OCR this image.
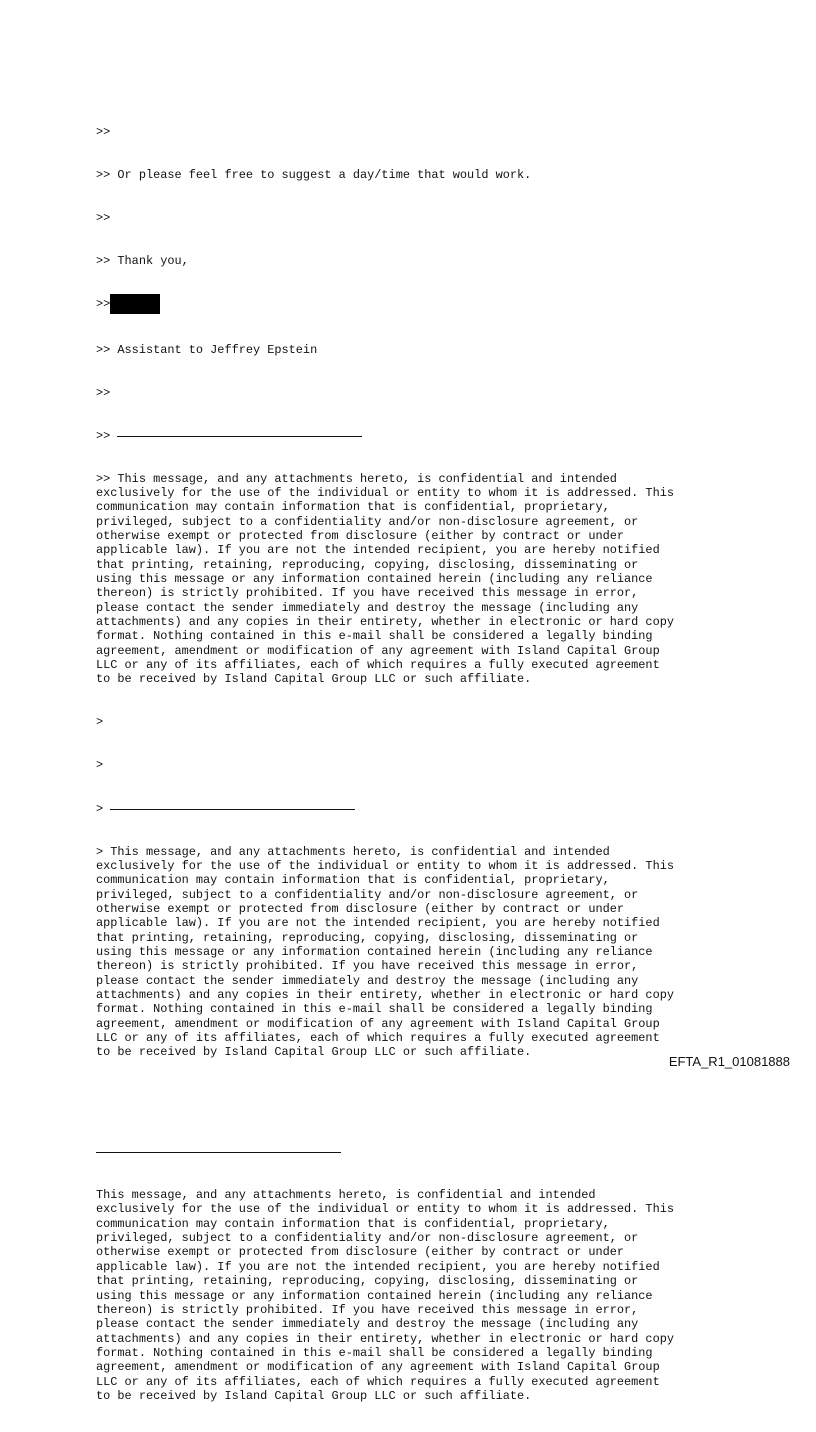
>>

>> Or please feel free to suggest a day/time that would work.

>>

>> Thank you,

>>

>> Assistant to Jeffrey Epstein

>>

>>

>> This message, and any attachments hereto, is confidential and intended
exclusively for the use of the individual or entity to whom it is addressed. This
communication may contain information that is confidential, proprietary,
privileged, subject to a confidentiality and/or non-disclosure agreement, or
otherwise exempt or protected from disclosure (either by contract or under
applicable law). If you are not the intended recipient, you are hereby notified
that printing, retaining, reproducing, copying, disclosing, disseminating or
using this message or any information contained herein (including any reliance
thereon) is strictly prohibited. If you have received this message in error,
please contact the sender immediately and destroy the message (including any
attachments) and any copies in their entirety, whether in electronic or hard copy
format. Nothing contained in this e-mail shall be considered a legally binding
agreement, amendment or modification of any agreement with Island Capital Group
LLC or any of its affiliates, each of which requires a fully executed agreement
to be received by Island Capital Group LLC or such affiliate.

>

>

>

> This message, and any attachments hereto, is confidential and intended
exclusively for the use of the individual or entity to whom it is addressed. This
communication may contain information that is confidential, proprietary,
privileged, subject to a confidentiality and/or non-disclosure agreement, or
otherwise exempt or protected from disclosure (either by contract or under
applicable law). If you are not the intended recipient, you are hereby notified
that printing, retaining, reproducing, copying, disclosing, disseminating or
using this message or any information contained herein (including any reliance
thereon) is strictly prohibited. If you have received this message in error,
please contact the sender immediately and destroy the message (including any
attachments) and any copies in their entirety, whether in electronic or hard copy
format. Nothing contained in this e-mail shall be considered a legally binding
agreement, amendment or modification of any agreement with Island Capital Group
LLC or any of its affiliates, each of which requires a fully executed agreement
to be received by Island Capital Group LLC or such affiliate.

This message, and any attachments hereto, is confidential and intended
exclusively for the use of the individual or entity to whom it is addressed. This
communication may contain information that is confidential, proprietary,
privileged, subject to a confidentiality and/or non-disclosure agreement, or
otherwise exempt or protected from disclosure (either by contract or under
applicable law). If you are not the intended recipient, you are hereby notified
that printing, retaining, reproducing, copying, disclosing, disseminating or
using this message or any information contained herein (including any reliance
thereon) is strictly prohibited. If you have received this message in error,
please contact the sender immediately and destroy the message (including any
attachments) and any copies in their entirety, whether in electronic or hard copy
format. Nothing contained in this e-mail shall be considered a legally binding
agreement, amendment or modification of any agreement with Island Capital Group
LLC or any of its affiliates, each of which requires a fully executed agreement
to be received by Island Capital Group LLC or such affiliate.

EFTA_R1_01081888
